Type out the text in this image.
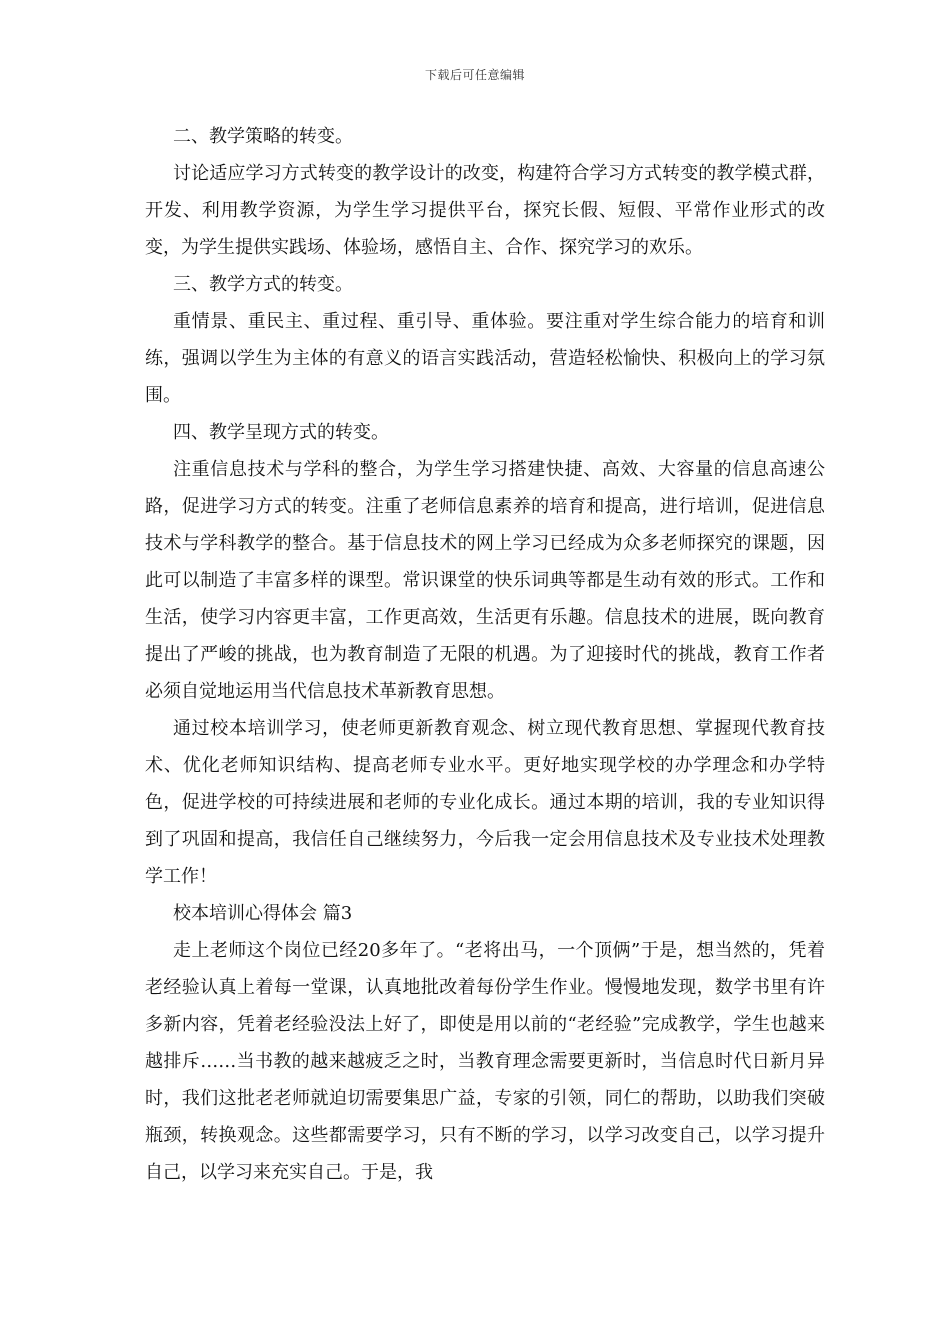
下载后可任意编辑

二、教学策略的转变。

讨论适应学习方式转变的教学设计的改变，构建符合学习方式转变的教学模式群，开发、利用教学资源，为学生学习提供平台，探究长假、短假、平常作业形式的改变，为学生提供实践场、体验场，感悟自主、合作、探究学习的欢乐。

三、教学方式的转变。

重情景、重民主、重过程、重引导、重体验。要注重对学生综合能力的培育和训练，强调以学生为主体的有意义的语言实践活动，营造轻松愉快、积极向上的学习氛围。

四、教学呈现方式的转变。

注重信息技术与学科的整合，为学生学习搭建快捷、高效、大容量的信息高速公路，促进学习方式的转变。注重了老师信息素养的培育和提高，进行培训，促进信息技术与学科教学的整合。基于信息技术的网上学习已经成为众多老师探究的课题，因此可以制造了丰富多样的课型。常识课堂的快乐词典等都是生动有效的形式。工作和生活，使学习内容更丰富，工作更高效，生活更有乐趣。信息技术的进展，既向教育提出了严峻的挑战，也为教育制造了无限的机遇。为了迎接时代的挑战，教育工作者必须自觉地运用当代信息技术革新教育思想。

通过校本培训学习，使老师更新教育观念、树立现代教育思想、掌握现代教育技术、优化老师知识结构、提高老师专业水平。更好地实现学校的办学理念和办学特色，促进学校的可持续进展和老师的专业化成长。通过本期的培训，我的专业知识得到了巩固和提高，我信任自己继续努力，今后我一定会用信息技术及专业技术处理教学工作！

校本培训心得体会 篇3

走上老师这个岗位已经20多年了。“老将出马，一个顶俩”于是，想当然的，凭着老经验认真上着每一堂课，认真地批改着每份学生作业。慢慢地发现，数学书里有许多新内容，凭着老经验没法上好了，即使是用以前的“老经验”完成教学，学生也越来越排斥……当书教的越来越疲乏之时，当教育理念需要更新时，当信息时代日新月异时，我们这批老老师就迫切需要集思广益，专家的引领，同仁的帮助，以助我们突破瓶颈，转换观念。这些都需要学习，只有不断的学习，以学习改变自己，以学习提升自己，以学习来充实自己。于是，我
